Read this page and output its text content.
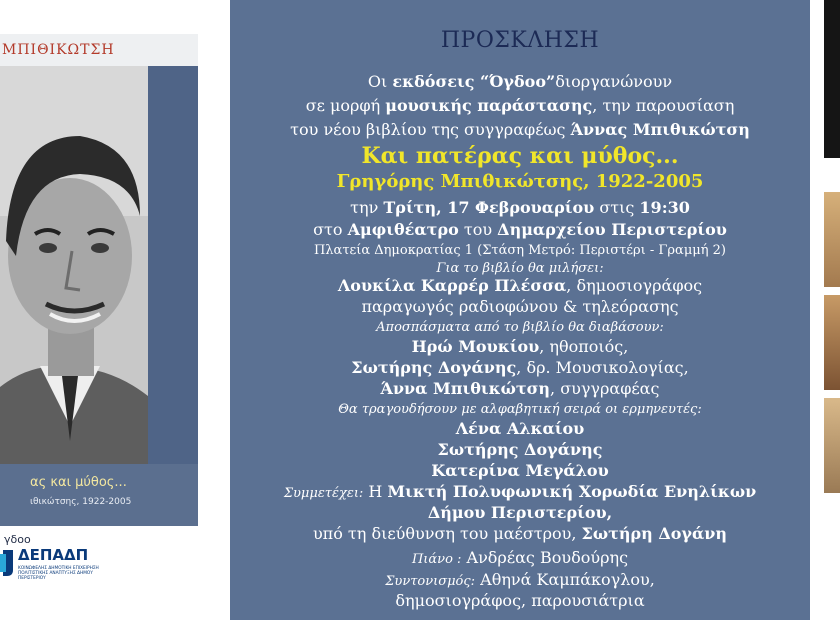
ΜΠΙΘΙΚΩΤΣΗ
ας και μύθος...
ιθικώτσης, 1922-2005
γδοο
ΔΕΠΑΔΠ
ΚΟΙΝΩΦΕΛΗΣ ΔΗΜΟΤΙΚΗ ΕΠΙΧΕΙΡΗΣΗ ΠΟΛΙΤΙΣΤΙΚΗΣ ΑΝΑΠΤΥΞΗΣ ΔΗΜΟΥ ΠΕΡΙΣΤΕΡΙΟΥ
ΠΡΟΣΚΛΗΣΗ
Οι εκδόσεις “Όγδοο”διοργανώνουν
σε μορφή μουσικής παράστασης, την παρουσίαση
του νέου βιβλίου της συγγραφέως Άννας Μπιθικώτση
Και πατέρας και μύθος...
Γρηγόρης Μπιθικώτσης, 1922-2005
την Τρίτη, 17 Φεβρουαρίου στις 19:30
στο Αμφιθέατρο του Δημαρχείου Περιστερίου
Πλατεία Δημοκρατίας 1 (Στάση Μετρό: Περιστέρι - Γραμμή 2)
Για το βιβλίο θα μιλήσει:
Λουκίλα Καρρέρ Πλέσσα, δημοσιογράφος
παραγωγός ραδιοφώνου & τηλεόρασης
Αποσπάσματα από το βιβλίο θα διαβάσουν:
Ηρώ Μουκίου, ηθοποιός,
Σωτήρης Δογάνης, δρ. Μουσικολογίας,
Άννα Μπιθικώτση, συγγραφέας
Θα τραγουδήσουν με αλφαβητική σειρά οι ερμηνευτές:
Λένα Αλκαίου
Σωτήρης Δογάνης
Κατερίνα Μεγάλου
Συμμετέχει: Η Μικτή Πολυφωνική Χορωδία Ενηλίκων
Δήμου Περιστερίου,
υπό τη διεύθυνση του μαέστρου, Σωτήρη Δογάνη
Πιάνο : Ανδρέας Βουδούρης
Συντονισμός: Αθηνά Καμπάκογλου,
δημοσιογράφος, παρουσιάτρια
